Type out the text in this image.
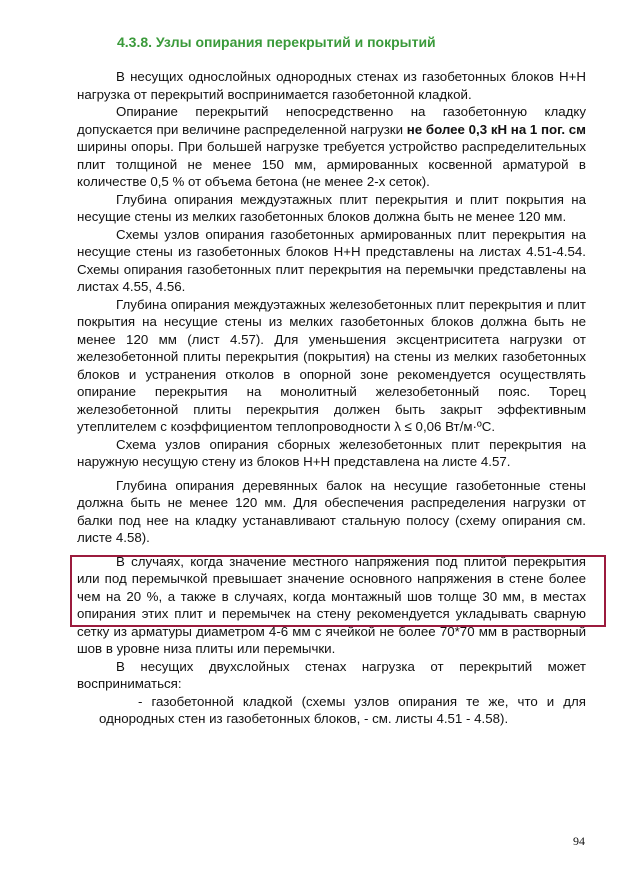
4.3.8. Узлы опирания перекрытий и покрытий

В несущих однослойных однородных стенах из газобетонных блоков Н+Н нагрузка от перекрытий воспринимается газобетонной кладкой.

Опирание перекрытий непосредственно на газобетонную кладку допускается при величине распределенной нагрузки не более 0,3 кН на 1 пог. см ширины опоры. При большей нагрузке требуется устройство распределительных плит толщиной не менее 150 мм, армированных косвенной арматурой в количестве 0,5 % от объема бетона (не менее 2-х сеток).

Глубина опирания междуэтажных плит перекрытия и плит покрытия на несущие стены из мелких газобетонных блоков должна быть не менее 120 мм.

Схемы узлов опирания газобетонных армированных плит перекрытия на несущие стены из газобетонных блоков Н+Н представлены на листах 4.51-4.54. Схемы опирания газобетонных плит перекрытия на перемычки представлены на листах 4.55, 4.56.

Глубина опирания междуэтажных железобетонных плит перекрытия и плит покрытия на несущие стены из мелких газобетонных блоков должна быть не менее 120 мм (лист 4.57). Для уменьшения эксцентриситета нагрузки от железобетонной плиты перекрытия (покрытия) на стены из мелких газобетонных блоков и устранения отколов в опорной зоне рекомендуется осуществлять опирание перекрытия на монолитный железобетонный пояс. Торец железобетонной плиты перекрытия должен быть закрыт эффективным утеплителем с коэффициентом теплопроводности λ ≤ 0,06 Вт/м·ºС.

Схема узлов опирания сборных железобетонных плит перекрытия на наружную несущую стену из блоков Н+Н представлена на листе 4.57.

Глубина опирания деревянных балок на несущие газобетонные стены должна быть не менее 120 мм. Для обеспечения распределения нагрузки от балки под нее на кладку устанавливают стальную полосу (схему опирания см. листе 4.58).

В случаях, когда значение местного напряжения под плитой перекрытия или под перемычкой превышает значение основного напряжения в стене более чем на 20 %, а также в случаях, когда монтажный шов толще 30 мм, в местах опирания этих плит и перемычек на стену рекомендуется укладывать сварную сетку из арматуры диаметром 4-6 мм с ячейкой не более 70*70 мм в растворный шов в уровне низа плиты или перемычки.

В несущих двухслойных стенах нагрузка от перекрытий может восприниматься:

- газобетонной кладкой (схемы узлов опирания те же, что и для однородных стен из газобетонных блоков, - см. листы 4.51 - 4.58).

94
